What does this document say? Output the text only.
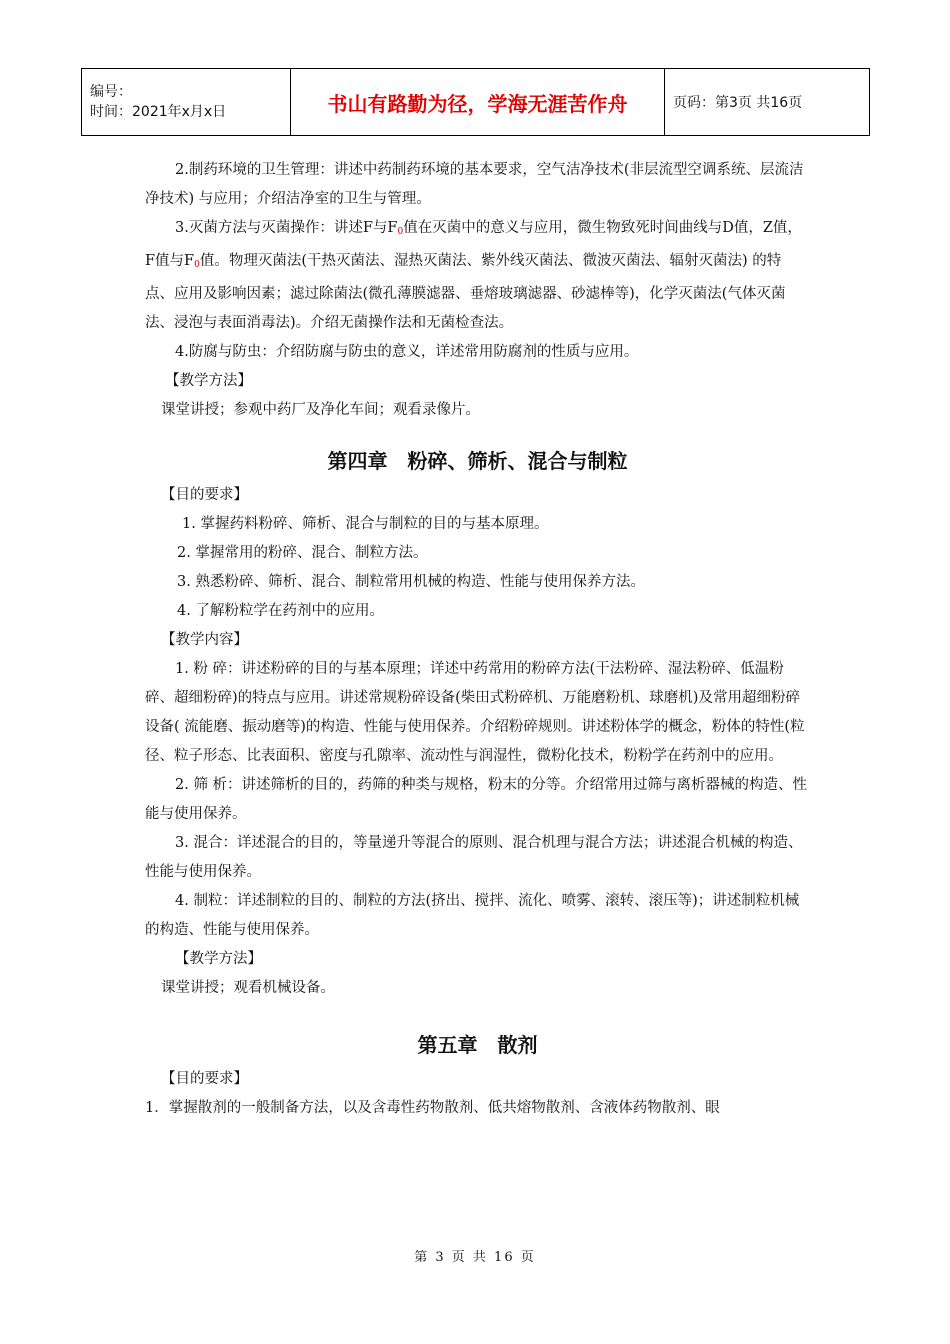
编号：
时间：2021年x月x日	书山有路勤为径，学海无涯苦作舟	页码：第3页 共16页

2.制药环境的卫生管理：讲述中药制药环境的基本要求，空气洁净技术(非层流型空调系统、层流洁净技术) 与应用；介绍洁净室的卫生与管理。

3.灭菌方法与灭菌操作：讲述F与$F_0$值在灭菌中的意义与应用，微生物致死时间曲线与D值，Z值，F值与$F_0$值。物理灭菌法(干热灭菌法、湿热灭菌法、紫外线灭菌法、微波灭菌法、辐射灭菌法) 的特点、应用及影响因素；滤过除菌法(微孔薄膜滤器、垂熔玻璃滤器、砂滤棒等)，化学灭菌法(气体灭菌法、浸泡与表面消毒法)。介绍无菌操作法和无菌检查法。

4.防腐与防虫：介绍防腐与防虫的意义，详述常用防腐剂的性质与应用。

【教学方法】

课堂讲授；参观中药厂及净化车间；观看录像片。

第四章　粉碎、筛析、混合与制粒

【目的要求】

1. 掌握药料粉碎、筛析、混合与制粒的目的与基本原理。

2. 掌握常用的粉碎、混合、制粒方法。

3. 熟悉粉碎、筛析、混合、制粒常用机械的构造、性能与使用保养方法。

4. 了解粉粒学在药剂中的应用。

【教学内容】

1. 粉 碎：讲述粉碎的目的与基本原理；详述中药常用的粉碎方法(干法粉碎、湿法粉碎、低温粉碎、超细粉碎)的特点与应用。讲述常规粉碎设备(柴田式粉碎机、万能磨粉机、球磨机)及常用超细粉碎设备( 流能磨、振动磨等)的构造、性能与使用保养。介绍粉碎规则。讲述粉体学的概念，粉体的特性(粒径、粒子形态、比表面积、密度与孔隙率、流动性与润湿性，微粉化技术，粉粉学在药剂中的应用。

2. 筛 析：讲述筛析的目的，药筛的种类与规格，粉末的分等。介绍常用过筛与离析器械的构造、性能与使用保养。

3. 混合：详述混合的目的，等量递升等混合的原则、混合机理与混合方法；讲述混合机械的构造、性能与使用保养。

4. 制粒：详述制粒的目的、制粒的方法(挤出、搅拌、流化、喷雾、滚转、滚压等)；讲述制粒机械的构造、性能与使用保养。

【教学方法】

课堂讲授；观看机械设备。

第五章　散剂

【目的要求】

1．掌握散剂的一般制备方法，以及含毒性药物散剂、低共熔物散剂、含液体药物散剂、眼

第 3 页 共 16 页
